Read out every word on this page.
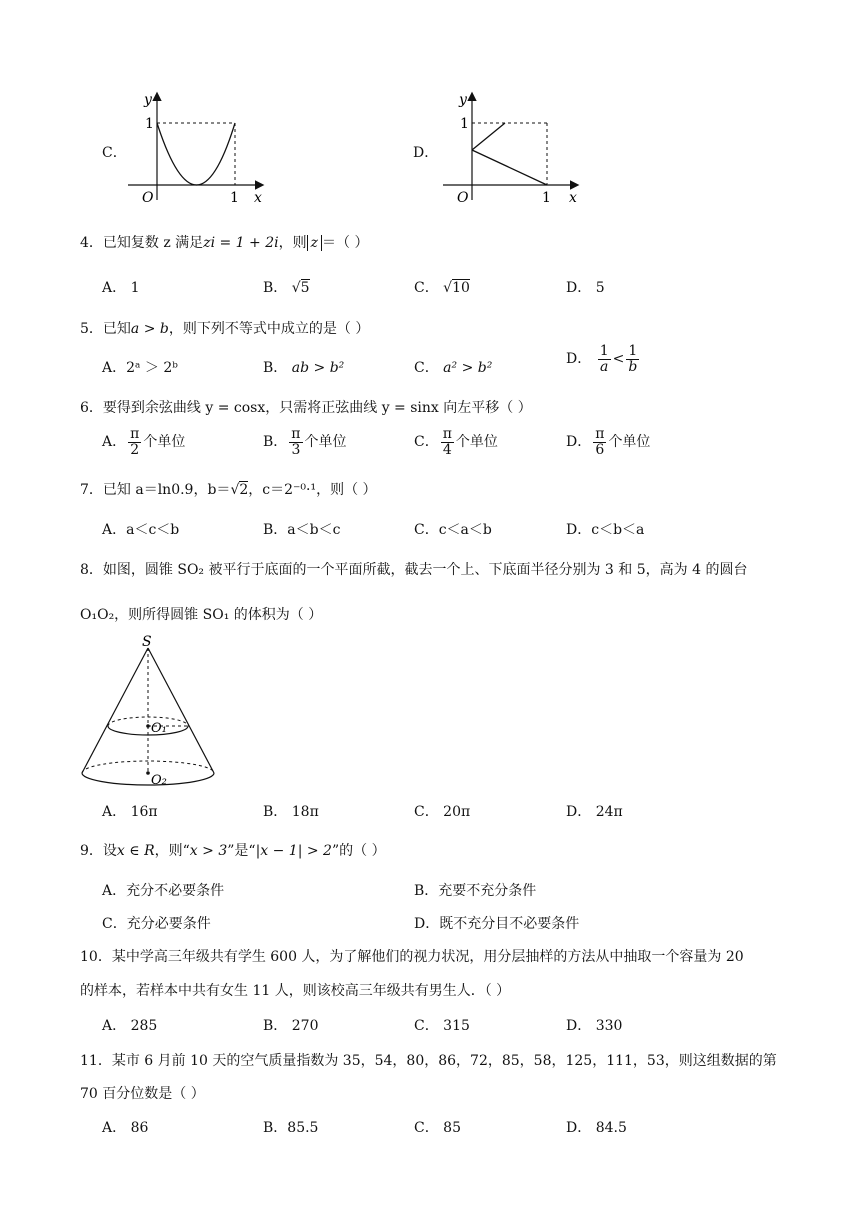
C．
y
x
O
1
1
D．
y
x
O
1
1
4．已知复数 z 满足zi = 1 + 2i，则 z ＝（ ）
A． 1	B． √5	C． √10	D． 5
5．已知a > b，则下列不等式中成立的是（ ）
A．2ᵃ ＞ 2ᵇ	B． ab > b²	C． a² > b²
D． $\frac{1}{a} < \frac{1}{b}$
6．要得到余弦曲线 y = cosx，只需将正弦曲线 y = sinx 向左平移（ ）
A． $\frac{\pi}{2}$ 个单位	B． $\frac{\pi}{3}$ 个单位	C． $\frac{\pi}{4}$ 个单位	D． $\frac{\pi}{6}$ 个单位
7．已知 a＝ln0.9，b＝√2，c＝2⁻⁰·¹，则（ ）
A．a＜c＜b	B．a＜b＜c	C．c＜a＜b	D．c＜b＜a
8．如图，圆锥 SO₂ 被平行于底面的一个平面所截，截去一个上、下底面半径分别为 3 和 5，高为 4 的圆台
O₁O₂，则所得圆锥 SO₁ 的体积为（ ）
S
O₁
O₂
A． 16π	B． 18π	C． 20π	D． 24π
9．设x ∈ R，则“x > 3”是“|x − 1| > 2”的（ ）
A．充分不必要条件	B．充要不充分条件
C．充分必要条件	D．既不充分⽬不必要条件
10．某中学高三年级共有学生 600 人，为了解他们的视力状况，用分层抽样的方法从中抽取一个容量为 20
的样本，若样本中共有女生 11 人，则该校高三年级共有男生人．（ ）
A． 285	B． 270	C． 315	D． 330
11．某市 6 月前 10 天的空气质量指数为 35，54，80，86，72，85，58，125，111，53，则这组数据的第
70 百分位数是（ ）
A． 86	B．85.5	C． 85	D． 84.5
